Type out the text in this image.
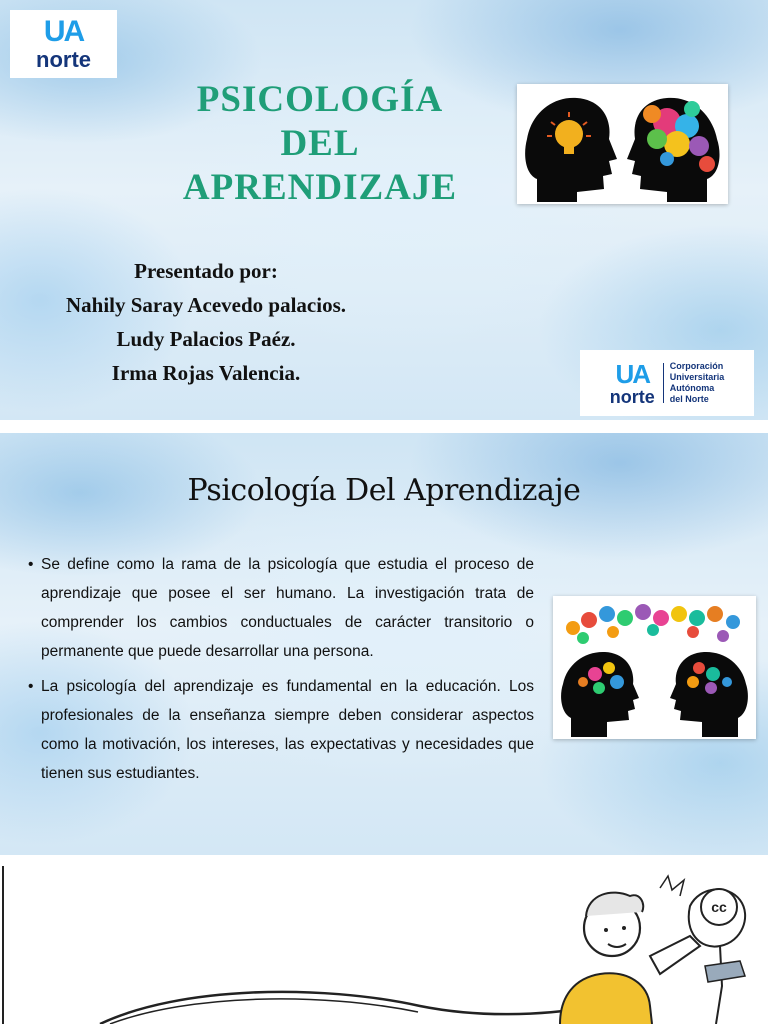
UA
norte
PSICOLOGÍA
DEL
APRENDIZAJE
Presentado por:
Nahily Saray Acevedo palacios.
Ludy Palacios Paéz.
Irma Rojas Valencia.	UA
norte
Corporación
Universitaria
Autónoma
del Norte
Psicología Del Aprendizaje
• Se define como la rama de la psicología que estudia el proceso de aprendizaje que posee el ser humano. La investigación trata de comprender los cambios conductuales de carácter transitorio o permanente que puede desarrollar una persona.
• La psicología del aprendizaje es fundamental en la educación. Los profesionales de la enseñanza siempre deben considerar aspectos como la motivación, los intereses, las expectativas y necesidades que tienen sus estudiantes.
cc
